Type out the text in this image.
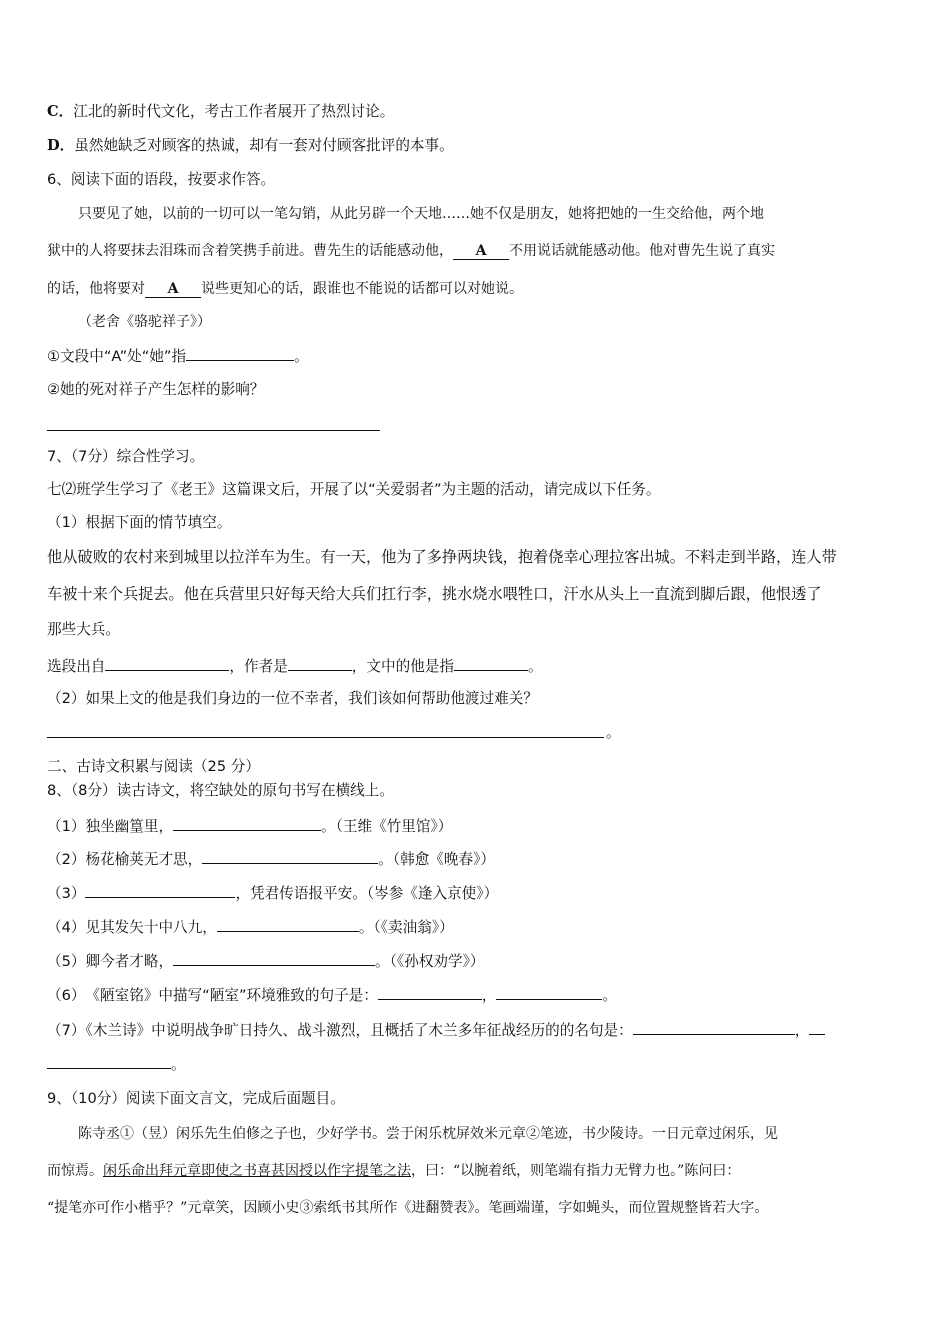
C．江北的新时代文化，考古工作者展开了热烈讨论。
D．虽然她缺乏对顾客的热诚，却有一套对付顾客批评的本事。
6、阅读下面的语段，按要求作答。
只要见了她，以前的一切可以一笔勾销，从此另辟一个天地……她不仅是朋友，她将把她的一生交给他，两个地
狱中的人将要抹去泪珠而含着笑携手前进。曹先生的话能感动他， A 不用说话就能感动他。他对曹先生说了真实
的话，他将要对 A 说些更知心的话，跟谁也不能说的话都可以对她说。
（老舍《骆驼祥子》）
①文段中“A”处“她”指	。
②她的死对祥子产生怎样的影响？
7、（7分）综合性学习。
七⑵班学生学习了《老王》这篇课文后，开展了以“关爱弱者”为主题的活动，请完成以下任务。
（1）根据下面的情节填空。
他从破败的农村来到城里以拉洋车为生。有一天，他为了多挣两块钱，抱着侥幸心理拉客出城。不料走到半路，连人带
车被十来个兵捉去。他在兵营里只好每天给大兵们扛行李，挑水烧水喂牲口，汗水从头上一直流到脚后跟，他恨透了
那些大兵。
选段出自	，作者是	，文中的他是指	。
（2）如果上文的他是我们身边的一位不幸者，我们该如何帮助他渡过难关？
。
二、古诗文积累与阅读（25 分）
8、（8分）读古诗文，将空缺处的原句书写在横线上。
（1）独坐幽篁里，	。（王维《竹里馆》）
（2）杨花榆荚无才思，	。（韩愈《晚春》）
（3）	，凭君传语报平安。（岑参《逢入京使》）
（4）见其发矢十中八九，	。（《卖油翁》）
（5）卿今者才略，	。（《孙权劝学》）
（6）　《陋室铭》中描写“陋室”环境雅致的句子是：	，	。
（7）《木兰诗》中说明战争旷日持久、战斗激烈，且概括了木兰多年征战经历的的名句是：	，
。
9、（10分）阅读下面文言文，完成后面题目。
陈寺丞①（昱）闲乐先生伯修之子也，少好学书。尝于闲乐枕屏效米元章②笔迹，书少陵诗。一日元章过闲乐，见
而惊焉。闲乐命出拜元章即使之书喜甚因授以作字提笔之法，曰：“以腕着纸，则笔端有指力无臂力也。”陈问曰：
“提笔亦可作小楷乎？”元章笑，因顾小史③索纸书其所作《进翻赞表》。笔画端谨，字如蝇头，而位置规整皆若大字。
